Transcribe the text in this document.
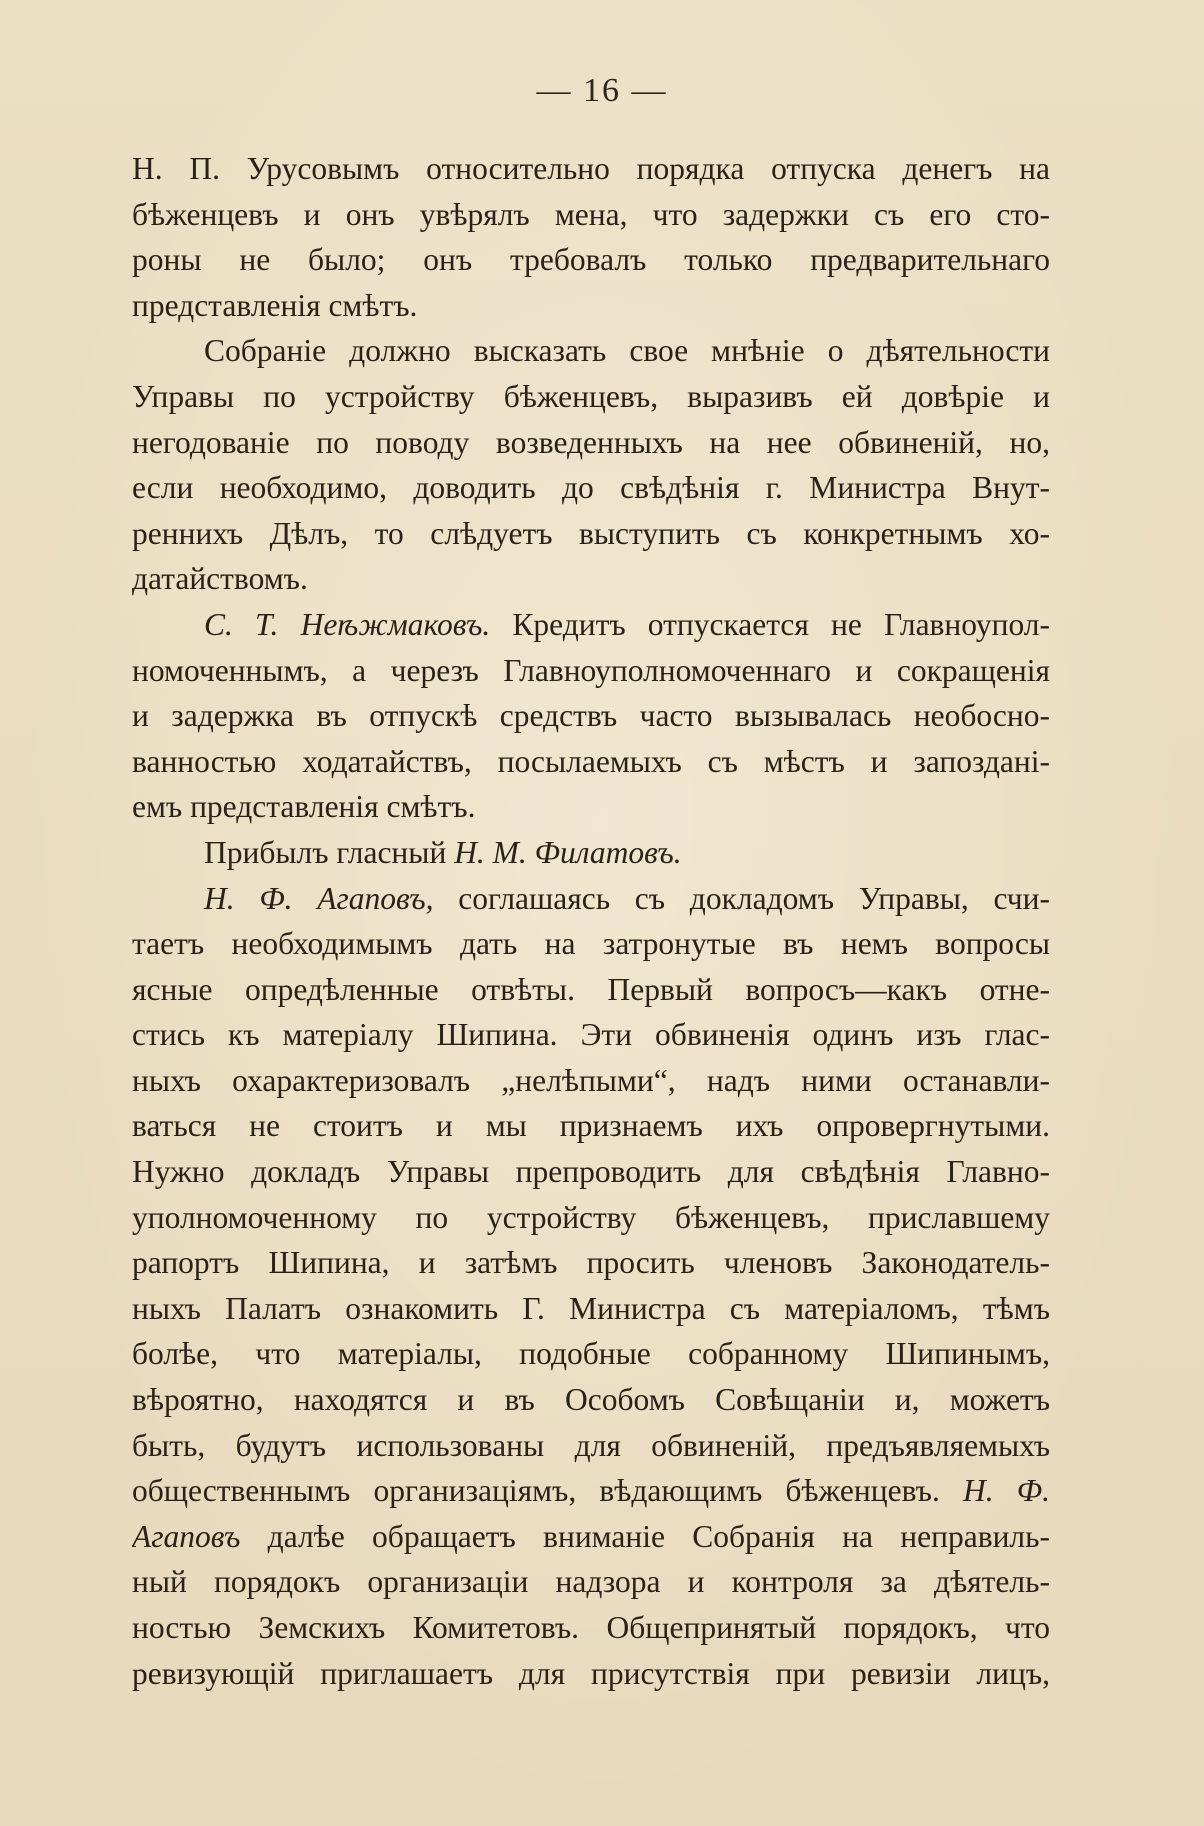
— 16 —
Н. П. Урусовымъ относительно порядка отпуска денегъ на
бѣженцевъ и онъ увѣрялъ мена, что задержки съ его сто-
роны не было; онъ требовалъ только предварительнаго
представленія смѣтъ.
Собраніе должно высказать свое мнѣніе о дѣятельности
Управы по устройству бѣженцевъ, выразивъ ей довѣріе и
негодованіе по поводу возведенныхъ на нее обвиненій, но,
если необходимо, доводить до свѣдѣнія г. Министра Внут-
реннихъ Дѣлъ, то слѣдуетъ выступить съ конкретнымъ хо-
датайствомъ.
С. Т. Неѣжмаковъ. Кредитъ отпускается не Главноупол-
номоченнымъ, а черезъ Главноуполномоченнаго и сокращенія
и задержка въ отпускѣ средствъ часто вызывалась необосно-
ванностью ходатайствъ, посылаемыхъ съ мѣстъ и запоздані-
емъ представленія смѣтъ.
Прибылъ гласный Н. М. Филатовъ.
Н. Ф. Агаповъ, соглашаясь съ докладомъ Управы, счи-
таетъ необходимымъ дать на затронутые въ немъ вопросы
ясные опредѣленные отвѣты. Первый вопросъ—какъ отне-
стись къ матеріалу Шипина. Эти обвиненія одинъ изъ глас-
ныхъ охарактеризовалъ „нелѣпыми“, надъ ними останавли-
ваться не стоитъ и мы признаемъ ихъ опровергнутыми.
Нужно докладъ Управы препроводить для свѣдѣнія Главно-
уполномоченному по устройству бѣженцевъ, приславшему
рапортъ Шипина, и затѣмъ просить членовъ Законодатель-
ныхъ Палатъ ознакомить Г. Министра съ матеріаломъ, тѣмъ
болѣе, что матеріалы, подобные собранному Шипинымъ,
вѣроятно, находятся и въ Особомъ Совѣщаніи и, можетъ
быть, будутъ использованы для обвиненій, предъявляемыхъ
общественнымъ организаціямъ, вѣдающимъ бѣженцевъ. Н. Ф.
Агаповъ далѣе обращаетъ вниманіе Собранія на неправиль-
ный порядокъ организаціи надзора и контроля за дѣятель-
ностью Земскихъ Комитетовъ. Общепринятый порядокъ, что
ревизующій приглашаетъ для присутствія при ревизіи лицъ,
